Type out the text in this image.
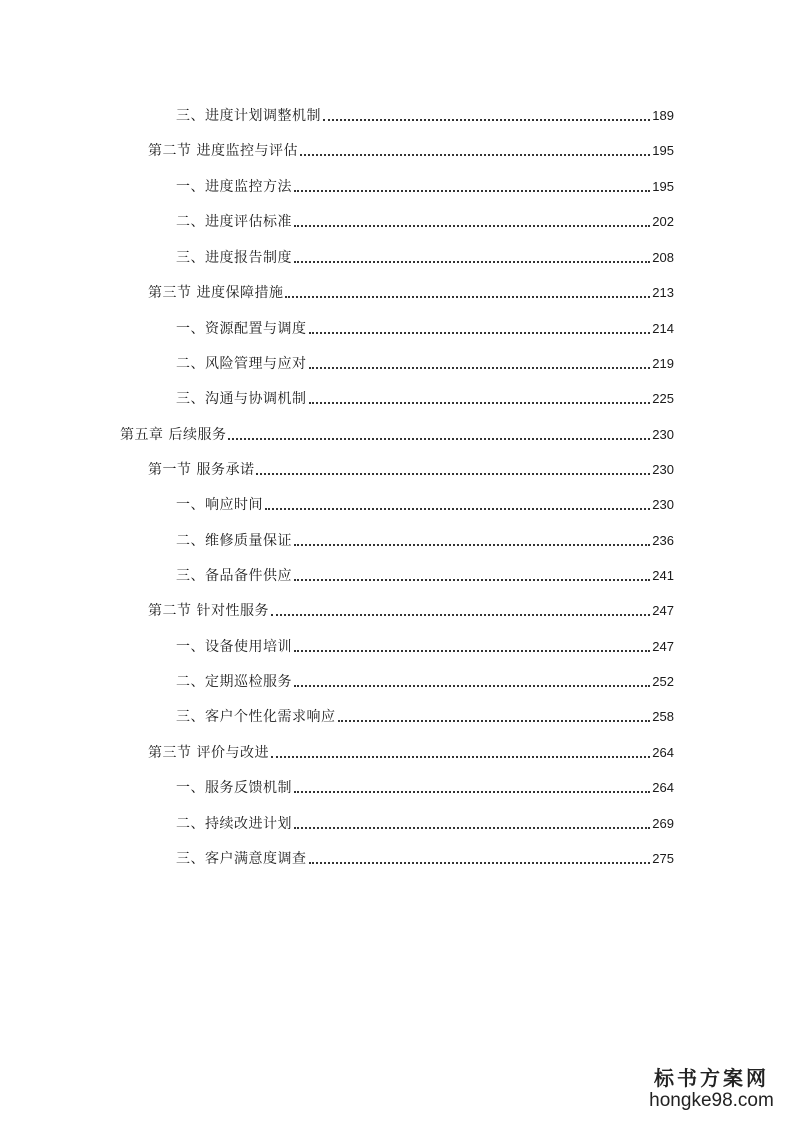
三、进度计划调整机制	189
第二节 进度监控与评估	195
一、进度监控方法	195
二、进度评估标准	202
三、进度报告制度	208
第三节 进度保障措施	213
一、资源配置与调度	214
二、风险管理与应对	219
三、沟通与协调机制	225
第五章 后续服务	230
第一节 服务承诺	230
一、响应时间	230
二、维修质量保证	236
三、备品备件供应	241
第二节 针对性服务	247
一、设备使用培训	247
二、定期巡检服务	252
三、客户个性化需求响应	258
第三节 评价与改进	264
一、服务反馈机制	264
二、持续改进计划	269
三、客户满意度调查	275
标书方案网
hongke98.com
